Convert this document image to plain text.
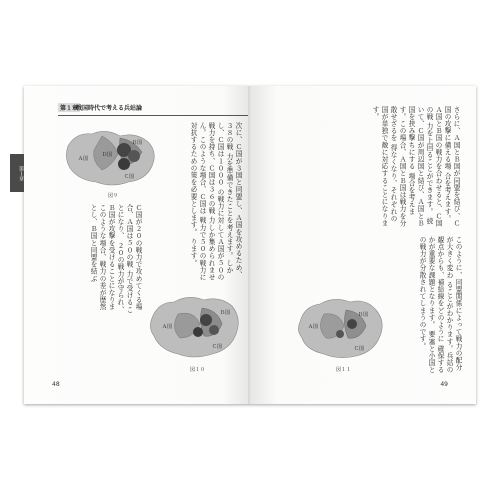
第１章
戦国時代で考える兵站論
第１章
Ａ国
Ｂ国
Ｃ国
Ｄ国
図９	次に、Ｃ国が３国と同盟し、Ａ国を攻めるため、３８の戦 力を準備できたことを考えます。しかし、Ｃ国は１０００ の戦力に対してＡ国が５０の戦力を持ち、Ｃ国は３６の戦 力しか集められません。このような場合、Ｃ国は 戦力で５０の戦力に対抗するための策を必要とします。 ります。
Ｃ国が２０の戦力で攻めてくる場合、Ａ国は５０の戦 力で受けることになり、 ２０の戦力が守られ、Ｂ国が攻撃を受けることになりま このような場合、戦力の差が歴然とし、Ｂ国と同盟を結ぶ
Ａ国
Ｂ国
Ｃ国
図１０
48
さらに、Ａ国とＢ国が同盟を結び、Ｃ国の攻撃に備える場 合を考えます。Ａ国とＢ国の戦力を合わせると、Ｃ国の戦 力を上回ることができます。 続いて、Ｃ国が周辺国と結び、Ａ国とＢ国を挟み撃ちにする 場合を考えます。この場合、Ａ国とＢ国は戦力を分散せざるを 得なくなり、それぞれの国が単独で敵に対応することになります。
このように、同盟関係によって戦力の配分が大きく変わ ることがわかります。兵站の観点からも、補給線をどのように 確保するかが重要な課題となります。 要塞と小国との戦力が分散されてしまうのです。
Ａ国
Ｂ国
Ｃ国
図１１
49
